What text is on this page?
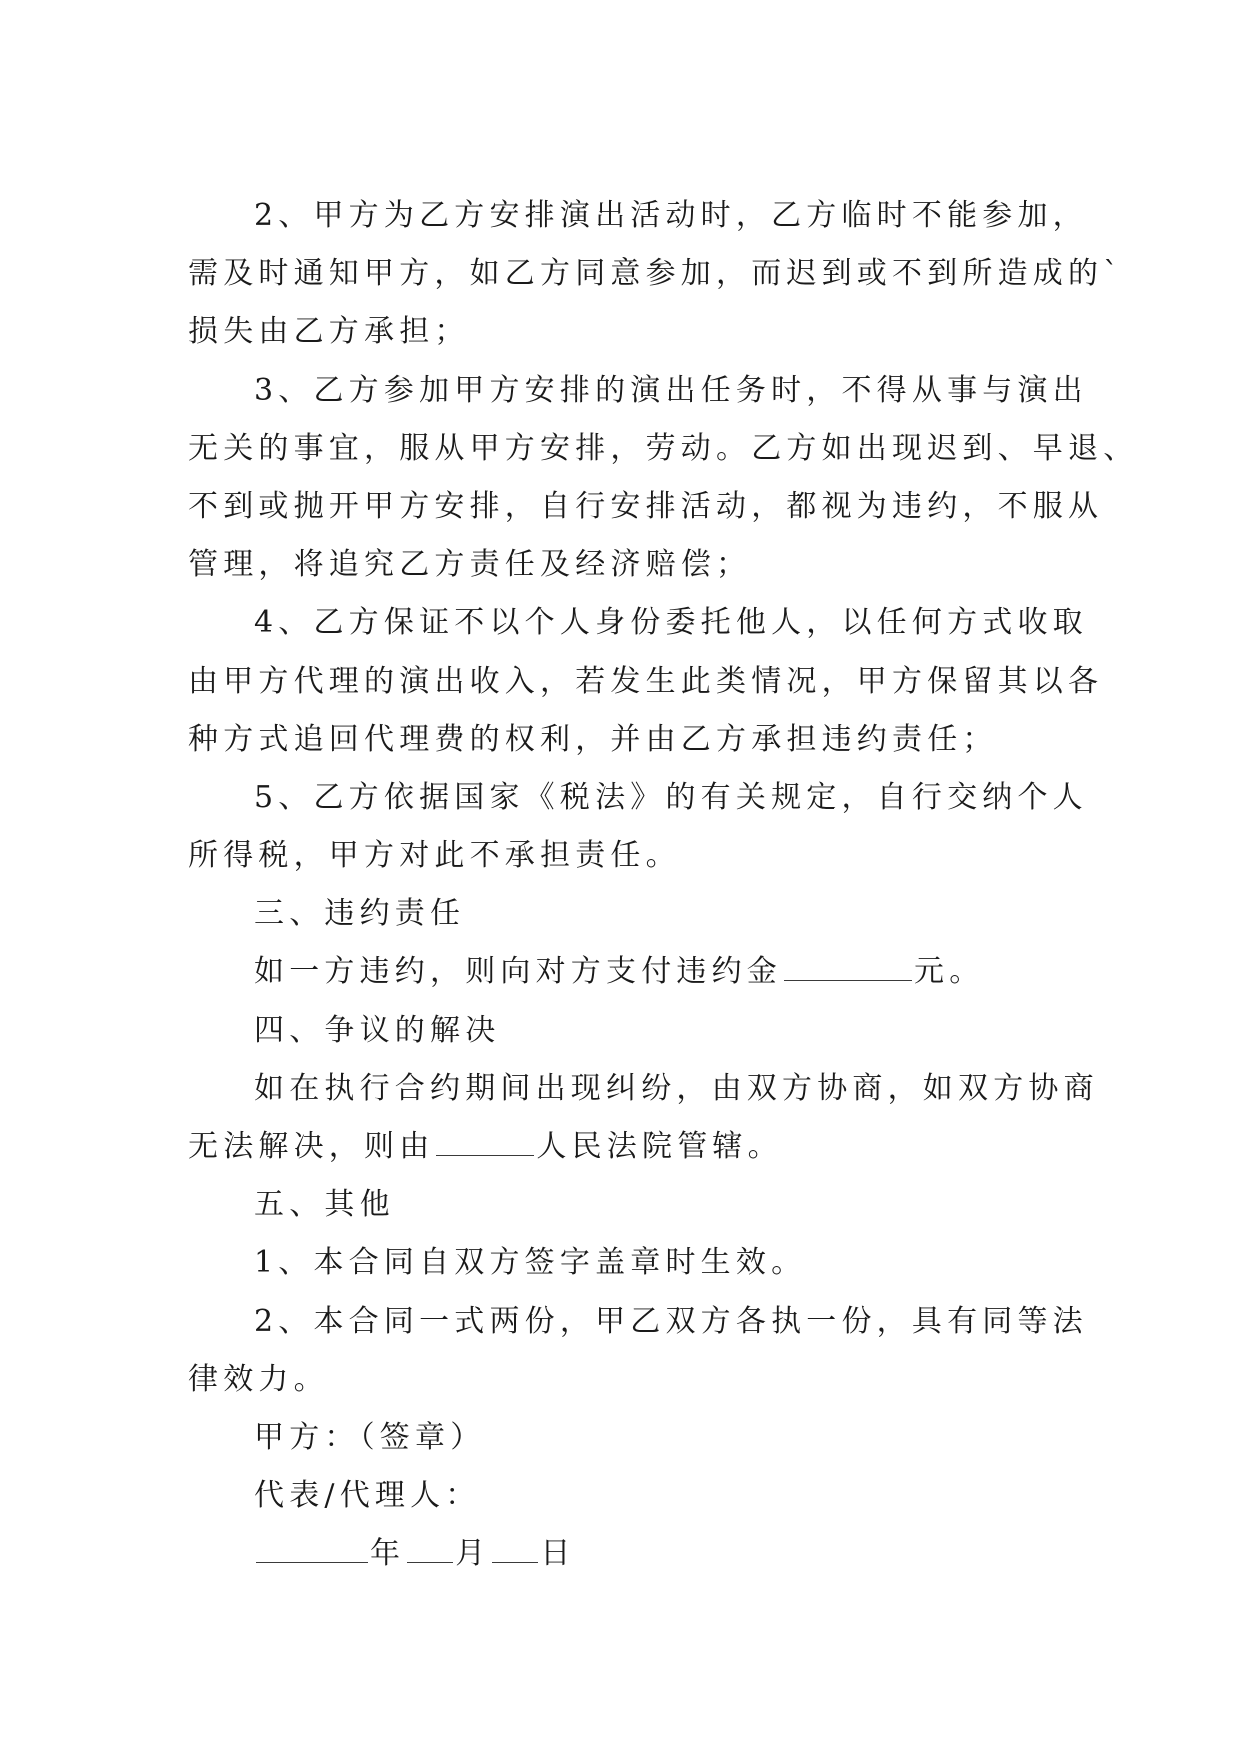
2、甲方为乙方安排演出活动时，乙方临时不能参加，
需及时通知甲方，如乙方同意参加，而迟到或不到所造成的`
损失由乙方承担；
3、乙方参加甲方安排的演出任务时，不得从事与演出
无关的事宜，服从甲方安排，劳动。乙方如出现迟到、早退、
不到或抛开甲方安排，自行安排活动，都视为违约，不服从
管理，将追究乙方责任及经济赔偿；
4、乙方保证不以个人身份委托他人，以任何方式收取
由甲方代理的演出收入，若发生此类情况，甲方保留其以各
种方式追回代理费的权利，并由乙方承担违约责任；
5、乙方依据国家《税法》的有关规定，自行交纳个人
所得税，甲方对此不承担责任。
三、违约责任
如一方违约，则向对方支付违约金	元。
四、争议的解决
如在执行合约期间出现纠纷，由双方协商，如双方协商
无法解决，则由	人民法院管辖。
五、其他
1、本合同自双方签字盖章时生效。
2、本合同一式两份，甲乙双方各执一份，具有同等法
律效力。
甲方：（签章）
代表/代理人：
年 月 日
